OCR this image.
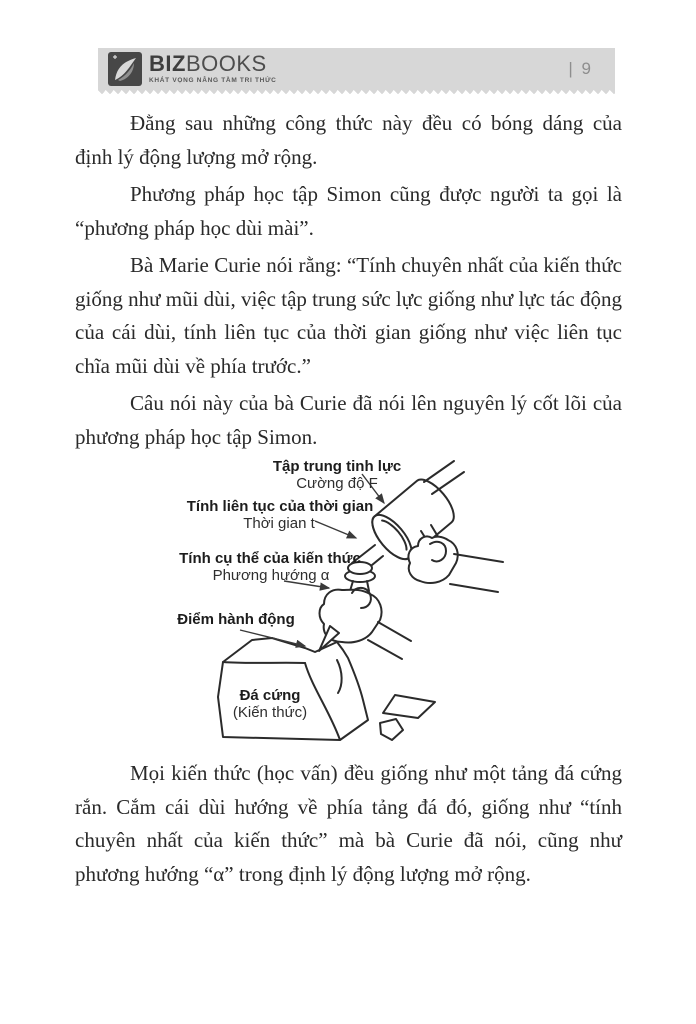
BIZBOOKS
KHÁT VỌNG NÂNG TẦM TRI THỨC
| 9

Đằng sau những công thức này đều có bóng dáng của định lý động lượng mở rộng.

Phương pháp học tập Simon cũng được người ta gọi là “phương pháp học dùi mài”.

Bà Marie Curie nói rằng: “Tính chuyên nhất của kiến thức giống như mũi dùi, việc tập trung sức lực giống như lực tác động của cái dùi, tính liên tục của thời gian giống như việc liên tục chĩa mũi dùi về phía trước.”

Câu nói này của bà Curie đã nói lên nguyên lý cốt lõi của phương pháp học tập Simon.

Tập trung tinh lực
Cường độ F
Tính liên tục của thời gian
Thời gian t
Tính cụ thể của kiến thức
Phương hướng α
Điểm hành động
Đá cứng
(Kiến thức)

Mọi kiến thức (học vấn) đều giống như một tảng đá cứng rắn. Cắm cái dùi hướng về phía tảng đá đó, giống như “tính chuyên nhất của kiến thức” mà bà Curie đã nói, cũng như phương hướng “α” trong định lý động lượng mở rộng.
